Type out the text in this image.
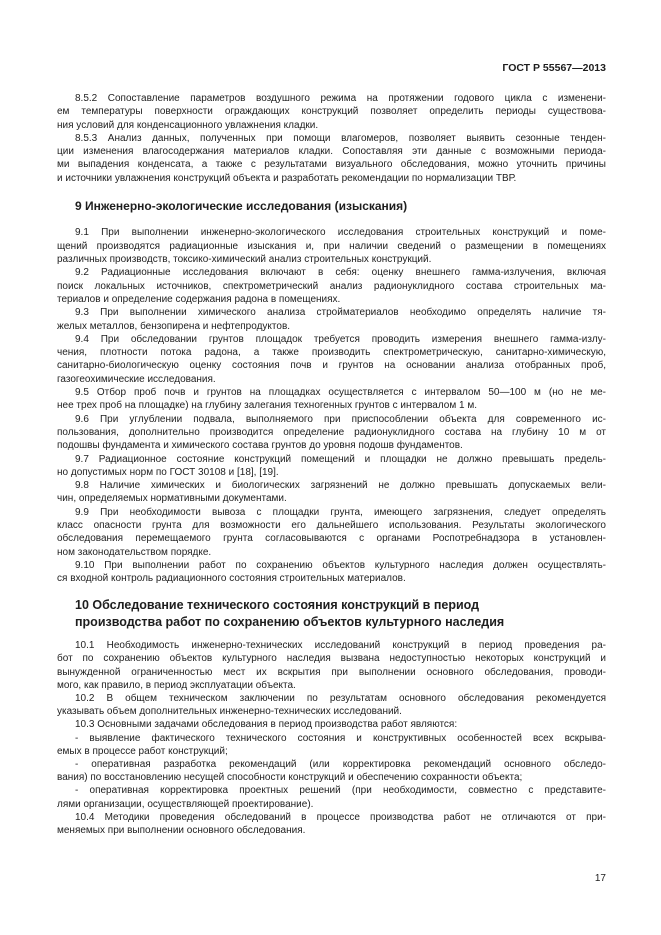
ГОСТ Р 55567—2013
8.5.2 Сопоставление параметров воздушного режима на протяжении годового цикла с изменени-
ем температуры поверхности ограждающих конструкций позволяет определить периоды существова-
ния условий для конденсационного увлажнения кладки.
8.5.3 Анализ данных, полученных при помощи влагомеров, позволяет выявить сезонные тенден-
ции изменения влагосодержания материалов кладки. Сопоставляя эти данные с возможными периода-
ми выпадения конденсата, а также с результатами визуального обследования, можно уточнить причины
и источники увлажнения конструкций объекта и разработать рекомендации по нормализации ТВР.
9 Инженерно-экологические исследования (изыскания)
9.1 При выполнении инженерно-экологического исследования строительных конструкций и поме-
щений производятся радиационные изыскания и, при наличии сведений о размещении в помещениях
различных производств, токсико-химический анализ строительных конструкций.
9.2 Радиационные исследования включают в себя: оценку внешнего гамма-излучения, включая
поиск локальных источников, спектрометрический анализ радионуклидного состава строительных ма-
териалов и определение содержания радона в помещениях.
9.3 При выполнении химического анализа стройматериалов необходимо определять наличие тя-
желых металлов, бензопирена и нефтепродуктов.
9.4 При обследовании грунтов площадок требуется проводить измерения внешнего гамма-излу-
чения, плотности потока радона, а также производить спектрометрическую, санитарно-химическую,
санитарно-биологическую оценку состояния почв и грунтов на основании анализа отобранных проб,
газогеохимические исследования.
9.5 Отбор проб почв и грунтов на площадках осуществляется с интервалом 50—100 м (но не ме-
нее трех проб на площадке) на глубину залегания техногенных грунтов с интервалом 1 м.
9.6 При углублении подвала, выполняемого при приспособлении объекта для современного ис-
пользования, дополнительно производится определение радионуклидного состава на глубину 10 м от
подошвы фундамента и химического состава грунтов до уровня подошв фундаментов.
9.7 Радиационное состояние конструкций помещений и площадки не должно превышать предель-
но допустимых норм по ГОСТ 30108 и [18], [19].
9.8 Наличие химических и биологических загрязнений не должно превышать допускаемых вели-
чин, определяемых нормативными документами.
9.9 При необходимости вывоза с площадки грунта, имеющего загрязнения, следует определять
класс опасности грунта для возможности его дальнейшего использования. Результаты экологического
обследования перемещаемого грунта согласовываются с органами Роспотребнадзора в установлен-
ном законодательством порядке.
9.10 При выполнении работ по сохранению объектов культурного наследия должен осуществлять-
ся входной контроль радиационного состояния строительных материалов.
10 Обследование технического состояния конструкций в период
производства работ по сохранению объектов культурного наследия
10.1 Необходимость инженерно-технических исследований конструкций в период проведения ра-
бот по сохранению объектов культурного наследия вызвана недоступностью некоторых конструкций и
вынужденной ограниченностью мест их вскрытия при выполнении основного обследования, проводи-
мого, как правило, в период эксплуатации объекта.
10.2 В общем техническом заключении по результатам основного обследования рекомендуется
указывать объем дополнительных инженерно-технических исследований.
10.3 Основными задачами обследования в период производства работ являются:
- выявление фактического технического состояния и конструктивных особенностей всех вскрыва-
емых в процессе работ конструкций;
- оперативная разработка рекомендаций (или корректировка рекомендаций основного обследо-
вания) по восстановлению несущей способности конструкций и обеспечению сохранности объекта;
- оперативная корректировка проектных решений (при необходимости, совместно с представите-
лями организации, осуществляющей проектирование).
10.4 Методики проведения обследований в процессе производства работ не отличаются от при-
меняемых при выполнении основного обследования.
17
